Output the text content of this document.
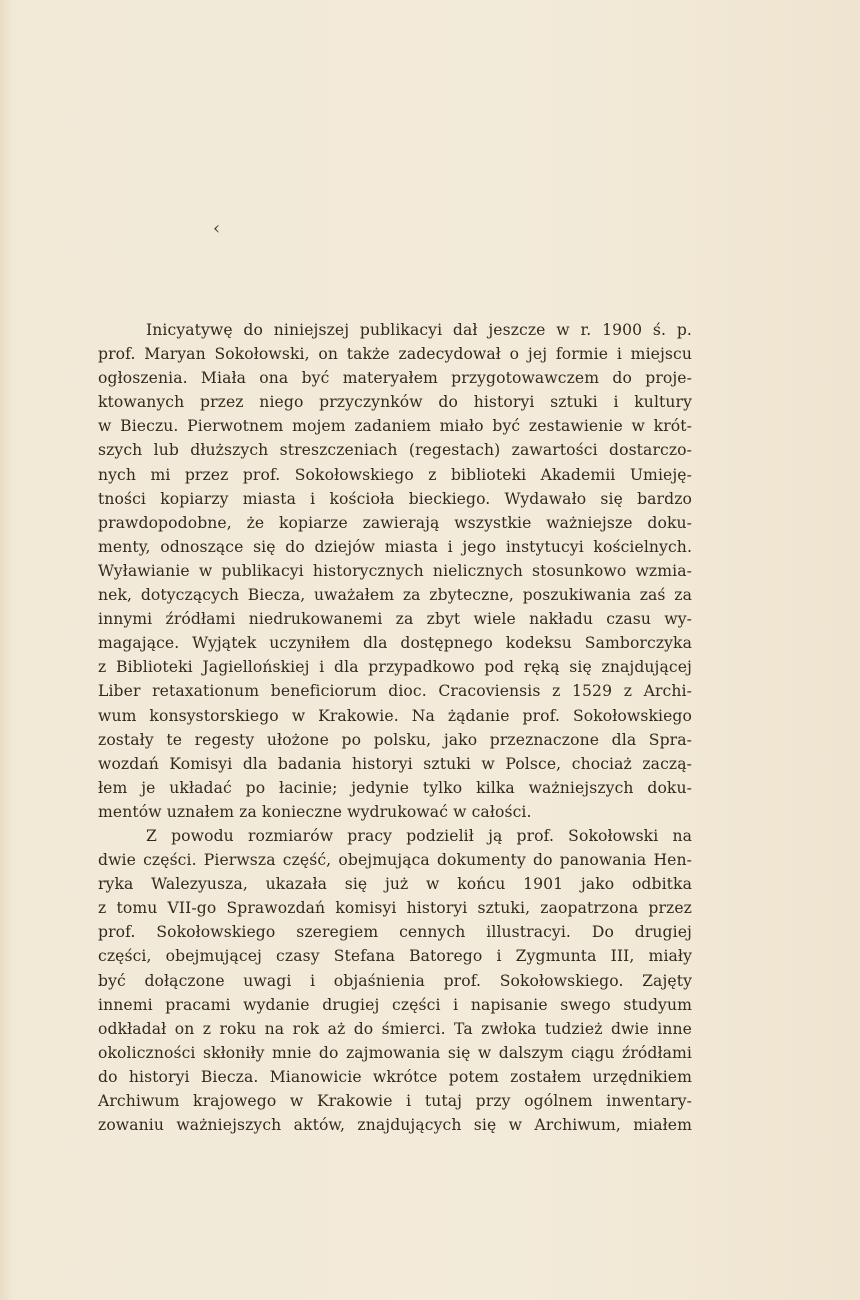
‹
Inicyatywę do niniejszej publikacyi dał jeszcze w r. 1900 ś. p.
prof. Maryan Sokołowski, on także zadecydował o jej formie i miejscu
ogłoszenia. Miała ona być materyałem przygotowawczem do proje-
ktowanych przez niego przyczynków do historyi sztuki i kultury
w Bieczu. Pierwotnem mojem zadaniem miało być zestawienie w krót-
szych lub dłuższych streszczeniach (regestach) zawartości dostarczo-
nych mi przez prof. Sokołowskiego z biblioteki Akademii Umieję-
tności kopiarzy miasta i kościoła bieckiego. Wydawało się bardzo
prawdopodobne, że kopiarze zawierają wszystkie ważniejsze doku-
menty, odnoszące się do dziejów miasta i jego instytucyi kościelnych.
Wyławianie w publikacyi historycznych nielicznych stosunkowo wzmia-
nek, dotyczących Biecza, uważałem za zbyteczne, poszukiwania zaś za
innymi źródłami niedrukowanemi za zbyt wiele nakładu czasu wy-
magające. Wyjątek uczyniłem dla dostępnego kodeksu Samborczyka
z Biblioteki Jagiellońskiej i dla przypadkowo pod ręką się znajdującej
Liber retaxationum beneficiorum dioc. Cracoviensis z 1529 z Archi-
wum konsystorskiego w Krakowie. Na żądanie prof. Sokołowskiego
zostały te regesty ułożone po polsku, jako przeznaczone dla Spra-
wozdań Komisyi dla badania historyi sztuki w Polsce, chociaż zaczą-
łem je układać po łacinie; jedynie tylko kilka ważniejszych doku-
mentów uznałem za konieczne wydrukować w całości.
Z powodu rozmiarów pracy podzielił ją prof. Sokołowski na
dwie części. Pierwsza część, obejmująca dokumenty do panowania Hen-
ryka Walezyusza, ukazała się już w końcu 1901 jako odbitka
z tomu VII-go Sprawozdań komisyi historyi sztuki, zaopatrzona przez
prof. Sokołowskiego szeregiem cennych illustracyi. Do drugiej
części, obejmującej czasy Stefana Batorego i Zygmunta III, miały
być dołączone uwagi i objaśnienia prof. Sokołowskiego. Zajęty
innemi pracami wydanie drugiej części i napisanie swego studyum
odkładał on z roku na rok aż do śmierci. Ta zwłoka tudzież dwie inne
okoliczności skłoniły mnie do zajmowania się w dalszym ciągu źródłami
do historyi Biecza. Mianowicie wkrótce potem zostałem urzędnikiem
Archiwum krajowego w Krakowie i tutaj przy ogólnem inwentary-
zowaniu ważniejszych aktów, znajdujących się w Archiwum, miałem
